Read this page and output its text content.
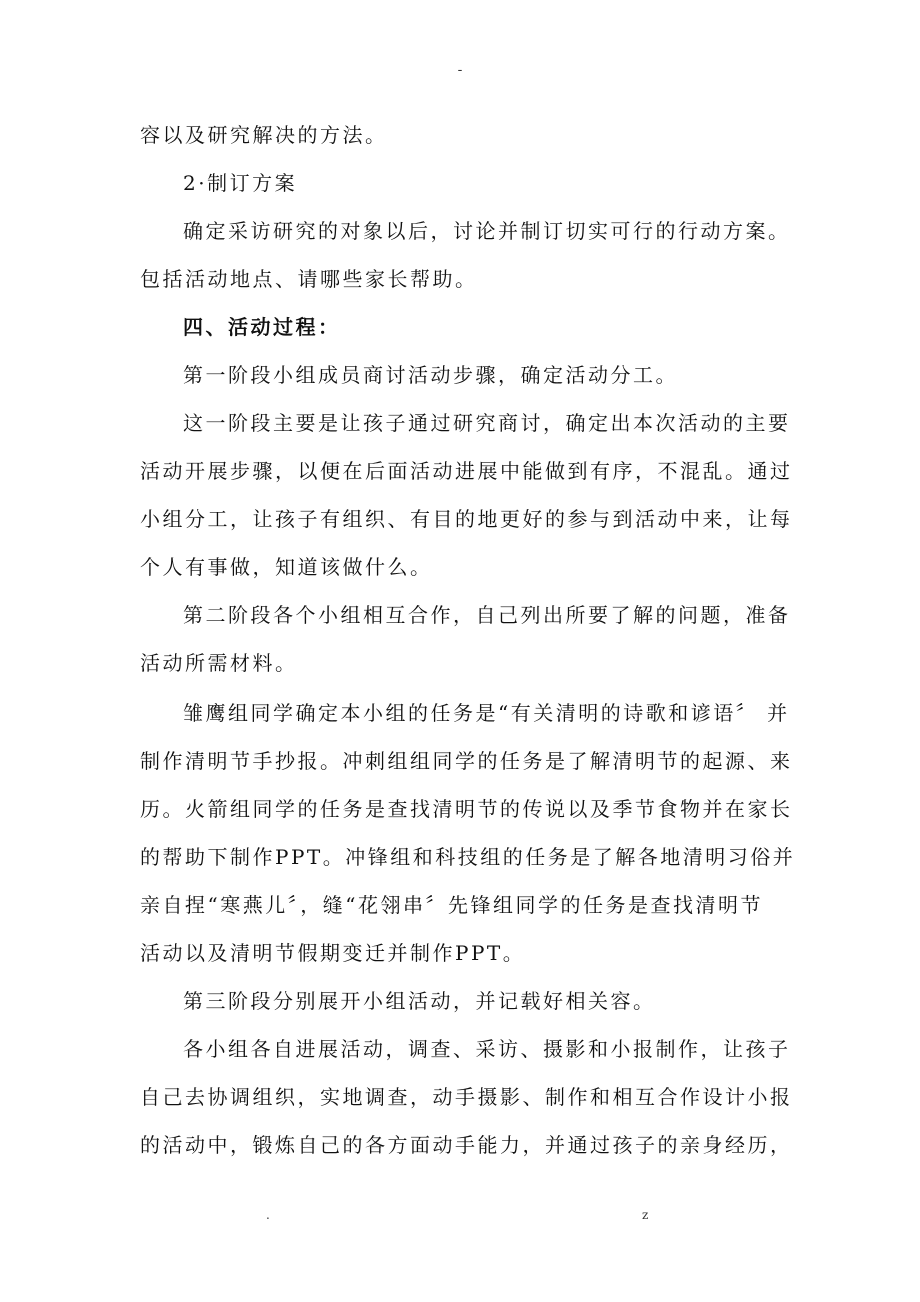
-
容以及研究解决的方法。
2·制订方案
确定采访研究的对象以后，讨论并制订切实可行的行动方案。
包括活动地点、请哪些家长帮助。
四、活动过程：
第一阶段小组成员商讨活动步骤，确定活动分工。
这一阶段主要是让孩子通过研究商讨，确定出本次活动的主要
活动开展步骤，以便在后面活动进展中能做到有序，不混乱。通过
小组分工，让孩子有组织、有目的地更好的参与到活动中来，让每
个人有事做，知道该做什么。
第二阶段各个小组相互合作，自己列出所要了解的问题，准备
活动所需材料。
雏鹰组同学确定本小组的任务是“有关清明的诗歌和谚语〞 并
制作清明节手抄报。冲刺组组同学的任务是了解清明节的起源、来
历。火箭组同学的任务是查找清明节的传说以及季节食物并在家长
的帮助下制作PPT。冲锋组和科技组的任务是了解各地清明习俗并
亲自捏“寒燕儿〞，缝“花翎串〞先锋组同学的任务是查找清明节
活动以及清明节假期变迁并制作PPT。
第三阶段分别展开小组活动，并记载好相关容。
各小组各自进展活动，调查、采访、摄影和小报制作，让孩子
自己去协调组织，实地调查，动手摄影、制作和相互合作设计小报
的活动中，锻炼自己的各方面动手能力，并通过孩子的亲身经历，
.	z
